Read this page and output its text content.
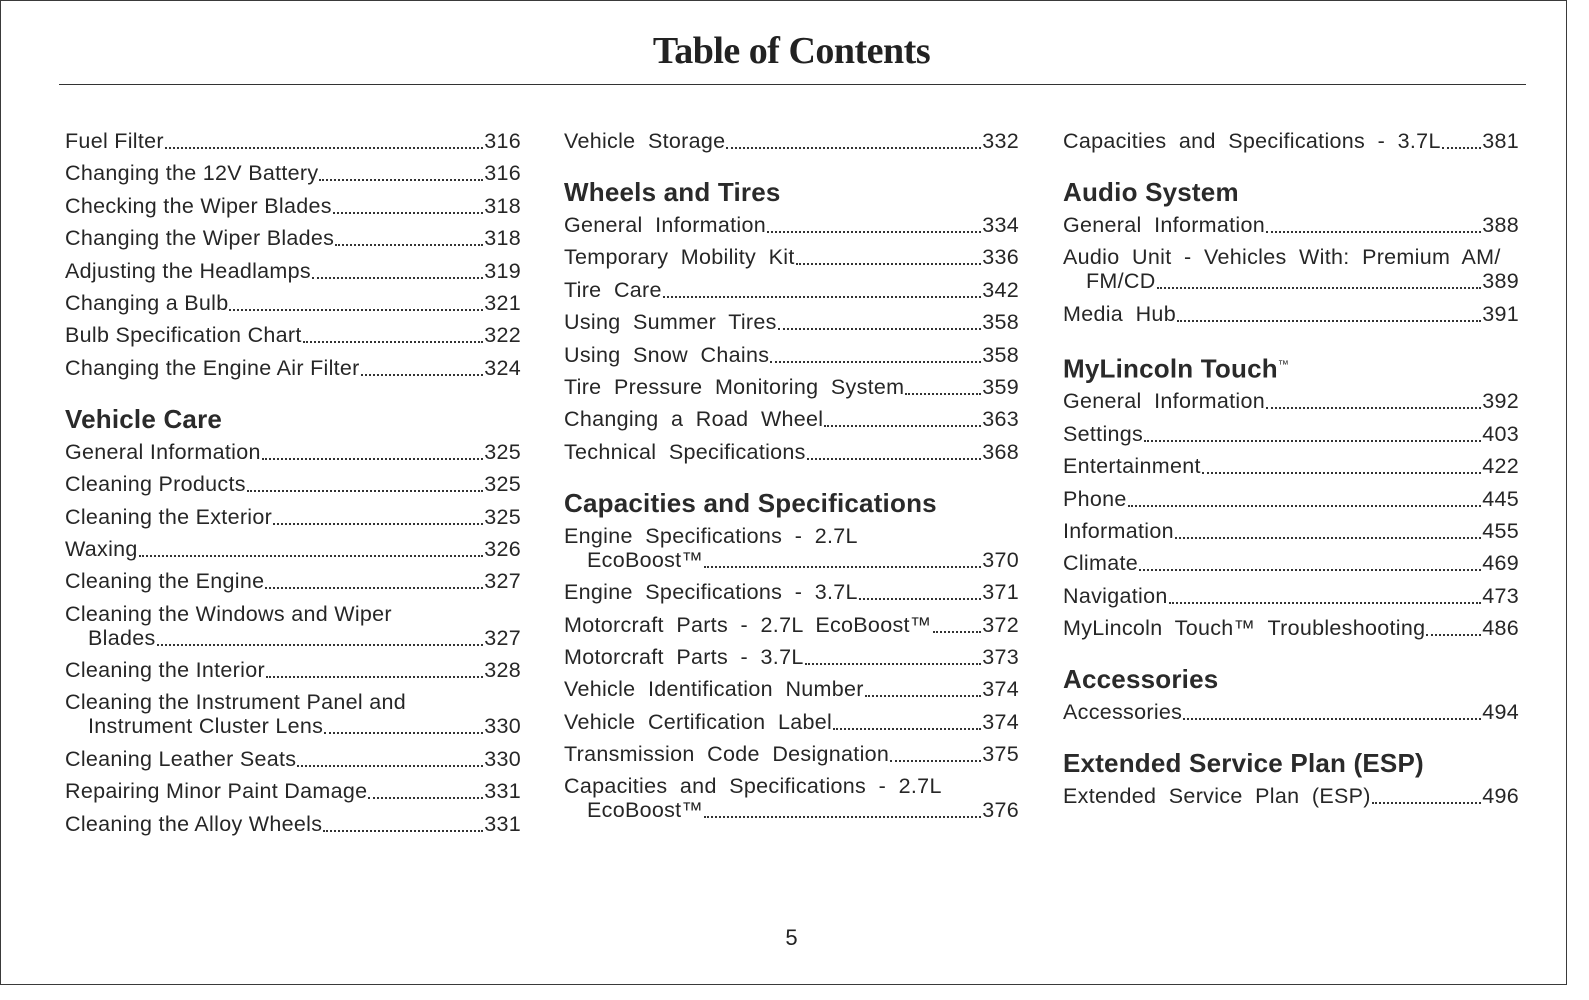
Table of Contents
Fuel Filter	316
Changing the 12V Battery	316
Checking the Wiper Blades	318
Changing the Wiper Blades	318
Adjusting the Headlamps	319
Changing a Bulb	321
Bulb Specification Chart	322
Changing the Engine Air Filter	324
Vehicle Care
General Information	325
Cleaning Products	325
Cleaning the Exterior	325
Waxing	326
Cleaning the Engine	327
Cleaning the Windows and Wiper
Blades	327
Cleaning the Interior	328
Cleaning the Instrument Panel and
Instrument Cluster Lens	330
Cleaning Leather Seats	330
Repairing Minor Paint Damage	331
Cleaning the Alloy Wheels	331
Vehicle  Storage	332
Wheels and Tires
General  Information	334
Temporary  Mobility  Kit	336
Tire  Care	342
Using  Summer  Tires	358
Using  Snow  Chains	358
Tire  Pressure  Monitoring  System	359
Changing  a  Road  Wheel	363
Technical  Specifications	368
Capacities and Specifications
Engine  Specifications  -  2.7L
EcoBoost™	370
Engine  Specifications  -  3.7L	371
Motorcraft  Parts  -  2.7L  EcoBoost™ 372
Motorcraft  Parts  -  3.7L	373
Vehicle  Identification  Number	374
Vehicle  Certification  Label	374
Transmission  Code  Designation	375
Capacities  and  Specifications  -  2.7L
EcoBoost™	376
Capacities  and  Specifications  -  3.7L 381
Audio System
General  Information	388
Audio  Unit  -  Vehicles  With:  Premium  AM/
FM/CD	389
Media  Hub	391
MyLincoln Touch™
General  Information	392
Settings	403
Entertainment	422
Phone	445
Information	455
Climate	469
Navigation	473
MyLincoln  Touch™  Troubleshooting	486
Accessories
Accessories	494
Extended Service Plan (ESP)
Extended  Service  Plan  (ESP)	496
5
